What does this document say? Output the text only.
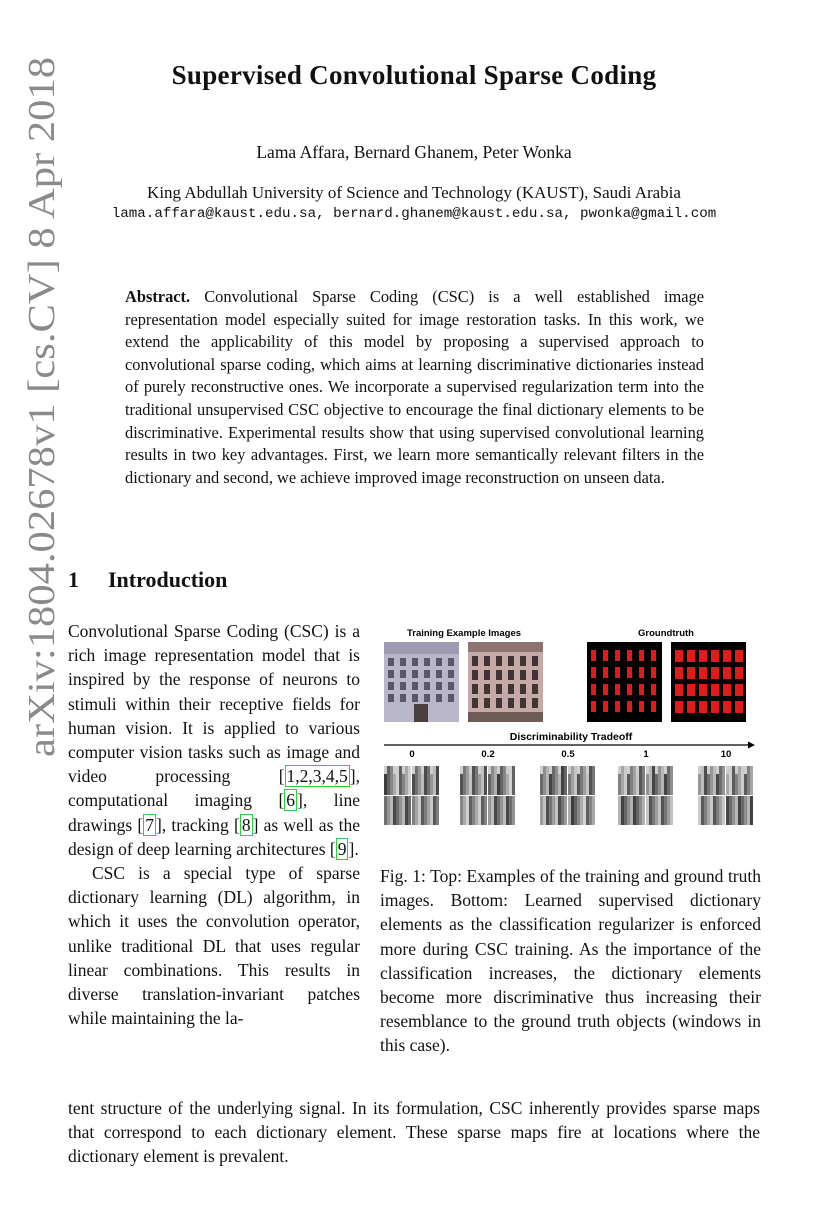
arXiv:1804.02678v1 [cs.CV] 8 Apr 2018
Supervised Convolutional Sparse Coding
Lama Affara, Bernard Ghanem, Peter Wonka
King Abdullah University of Science and Technology (KAUST), Saudi Arabia
lama.affara@kaust.edu.sa, bernard.ghanem@kaust.edu.sa, pwonka@gmail.com
Abstract. Convolutional Sparse Coding (CSC) is a well established image representation model especially suited for image restoration tasks. In this work, we extend the applicability of this model by proposing a supervised approach to convolutional sparse coding, which aims at learning discriminative dictionaries instead of purely reconstructive ones. We incorporate a supervised regularization term into the traditional unsupervised CSC objective to encourage the final dictionary elements to be discriminative. Experimental results show that using supervised convolutional learning results in two key advantages. First, we learn more semantically relevant filters in the dictionary and second, we achieve improved image reconstruction on unseen data.
1 Introduction

Convolutional Sparse Coding (CSC) is a rich image representation model that is inspired by the response of neurons to stimuli within their receptive fields for human vision. It is applied to various computer vision tasks such as image and video processing [ 1,2,3,4,5 ], computational imaging [ 6 ], line drawings [ 7 ], tracking [ 8 ] as well as the design of deep learning architectures [ 9 ].

CSC is a special type of sparse dictionary learning (DL) algorithm, in which it uses the convolution operator, unlike traditional DL that uses regular linear combinations. This results in diverse translation-invariant patches while maintaining the la-

tent structure of the underlying signal. In its formulation, CSC inherently provides sparse maps that correspond to each dictionary element. These sparse maps fire at locations where the dictionary element is prevalent.
Training Example Images	Groundtruth
Discriminability Tradeoff
0	0.2	0.5	1	10
Fig. 1: Top: Examples of the training and ground truth images. Bottom: Learned supervised dictionary elements as the classification regularizer is enforced more during CSC training. As the importance of the classification increases, the dictionary elements become more discriminative thus increasing their resemblance to the ground truth objects (windows in this case).
